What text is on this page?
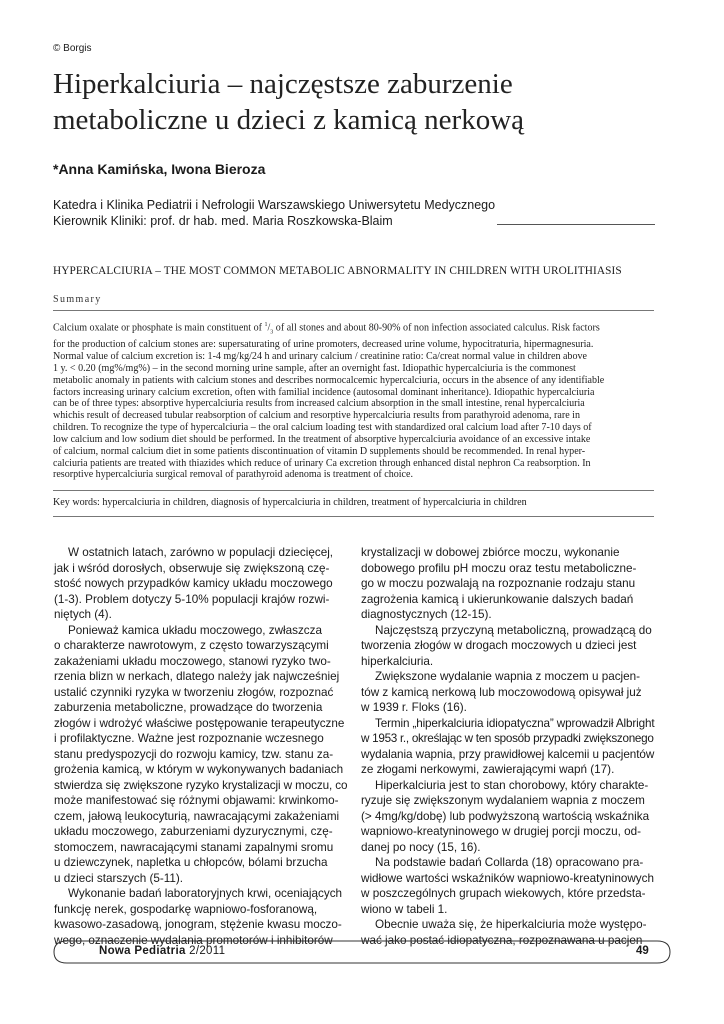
© Borgis
Hiperkalciuria – najczęstsze zaburzenie
metaboliczne u dzieci z kamicą nerkową
*Anna Kamińska, Iwona Bieroza
Katedra i Klinika Pediatrii i Nefrologii Warszawskiego Uniwersytetu Medycznego
Kierownik Kliniki: prof. dr hab. med. Maria Roszkowska-Blaim
HYPERCALCIURIA – THE MOST COMMON METABOLIC ABNORMALITY IN CHILDREN WITH UROLITHIASIS
Summary
Calcium oxalate or phosphate is main constituent of $^1/_3$ of all stones and about 80-90% of non infection associated calculus. Risk factors
for the production of calcium stones are: supersaturating of urine promoters, decreased urine volume, hypocitraturia, hipermagnesuria.
Normal value of calcium excretion is: 1-4 mg/kg/24 h and urinary calcium / creatinine ratio: Ca/creat normal value in children above
1 y. < 0.20 (mg%/mg%) – in the second morning urine sample, after an overnight fast. Idiopathic hypercalciuria is the commonest
metabolic anomaly in patients with calcium stones and describes normocalcemic hypercalciuria, occurs in the absence of any identifiable
factors increasing urinary calcium excretion, often with familial incidence (autosomal dominant inheritance). Idiopathic hypercalciuria
can be of three types: absorptive hypercalciuria results from increased calcium absorption in the small intestine, renal hypercalciuria
whichis result of decreased tubular reabsorption of calcium and resorptive hypercalciuria results from parathyroid adenoma, rare in
children. To recognize the type of hypercalciuria – the oral calcium loading test with standardized oral calcium load after 7-10 days of
low calcium and low sodium diet should be performed. In the treatment of absorptive hypercalciuria avoidance of an excessive intake
of calcium, normal calcium diet in some patients discontinuation of vitamin D supplements should be recommended. In renal hyper-
calciuria patients are treated with thiazides which reduce of urinary Ca excretion through enhanced distal nephron Ca reabsorption. In
resorptive hypercalciuria surgical removal of parathyroid adenoma is treatment of choice.
Key words: hypercalciuria in children, diagnosis of hypercalciuria in children, treatment of hypercalciuria in children
W ostatnich latach, zarówno w populacji dziecięcej,
jak i wśród dorosłych, obserwuje się zwiększoną czę-
stość nowych przypadków kamicy układu moczowego
(1-3). Problem dotyczy 5-10% populacji krajów rozwi-
niętych (4).
Ponieważ kamica układu moczowego, zwłaszcza
o charakterze nawrotowym, z często towarzyszącymi
zakażeniami układu moczowego, stanowi ryzyko two-
rzenia blizn w nerkach, dlatego należy jak najwcześniej
ustalić czynniki ryzyka w tworzeniu złogów, rozpoznać
zaburzenia metaboliczne, prowadzące do tworzenia
złogów i wdrożyć właściwe postępowanie terapeutyczne
i profilaktyczne. Ważne jest rozpoznanie wczesnego
stanu predyspozycji do rozwoju kamicy, tzw. stanu za-
grożenia kamicą, w którym w wykonywanych badaniach
stwierdza się zwiększone ryzyko krystalizacji w moczu, co
może manifestować się różnymi objawami: krwinkomo-
czem, jałową leukocyturią, nawracającymi zakażeniami
układu moczowego, zaburzeniami dyzurycznymi, czę-
stomoczem, nawracającymi stanami zapalnymi sromu
u dziewczynek, napletka u chłopców, bólami brzucha
u dzieci starszych (5-11).
Wykonanie badań laboratoryjnych krwi, oceniających
funkcję nerek, gospodarkę wapniowo-fosforanową,
kwasowo-zasadową, jonogram, stężenie kwasu moczo-
wego, oznaczenie wydalania promotorów i inhibitorów
krystalizacji w dobowej zbiórce moczu, wykonanie
dobowego profilu pH moczu oraz testu metaboliczne-
go w moczu pozwalają na rozpoznanie rodzaju stanu
zagrożenia kamicą i ukierunkowanie dalszych badań
diagnostycznych (12-15).
Najczęstszą przyczyną metaboliczną, prowadzącą do
tworzenia złogów w drogach moczowych u dzieci jest
hiperkalciuria.
Zwiększone wydalanie wapnia z moczem u pacjen-
tów z kamicą nerkową lub moczowodową opisywał już
w 1939 r. Floks (16).
Termin „hiperkalciuria idiopatyczna” wprowadził Albright
w 1953 r., określając w ten sposób przypadki zwiększonego
wydalania wapnia, przy prawidłowej kalcemii u pacjentów
ze złogami nerkowymi, zawierającymi wapń (17).
Hiperkalciuria jest to stan chorobowy, który charakte-
ryzuje się zwiększonym wydalaniem wapnia z moczem
(> 4mg/kg/dobę) lub podwyższoną wartością wskaźnika
wapniowo-kreatyninowego w drugiej porcji moczu, od-
danej po nocy (15, 16).
Na podstawie badań Collarda (18) opracowano pra-
widłowe wartości wskaźników wapniowo-kreatyninowych
w poszczególnych grupach wiekowych, które przedsta-
wiono w tabeli 1.
Obecnie uważa się, że hiperkalciuria może występo-
wać jako postać idiopatyczna, rozpoznawana u pacjen-
Nowa Pediatria 2/2011	49
